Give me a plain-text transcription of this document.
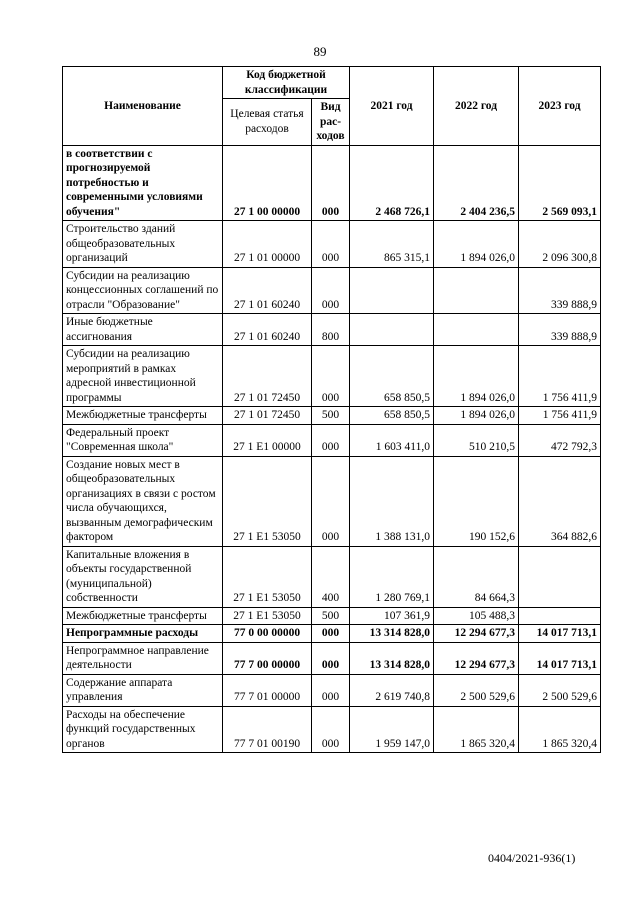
89
Наименование	Код бюджетной классификации		2021 год	2022 год	2023 год
	Целевая статья расходов	Вид рас-ходов			
в соответствии с прогнозируемой потребностью и современными условиями обучения"	27 1 00 00000	000	2 468 726,1	2 404 236,5	2 569 093,1
Строительство зданий общеобразовательных организаций	27 1 01 00000	000	865 315,1	1 894 026,0	2 096 300,8
Субсидии на реализацию концессионных соглашений по отрасли "Образование"	27 1 01 60240	000			339 888,9
Иные бюджетные ассигнования	27 1 01 60240	800			339 888,9
Субсидии на реализацию мероприятий в рамках адресной инвестиционной программы	27 1 01 72450	000	658 850,5	1 894 026,0	1 756 411,9
Межбюджетные трансферты	27 1 01 72450	500	658 850,5	1 894 026,0	1 756 411,9
Федеральный проект "Современная школа"	27 1 E1 00000	000	1 603 411,0	510 210,5	472 792,3
Создание новых мест в общеобразовательных организациях в связи с ростом числа обучающихся, вызванным демографическим фактором	27 1 E1 53050	000	1 388 131,0	190 152,6	364 882,6
Капитальные вложения в объекты государственной (муниципальной) собственности	27 1 E1 53050	400	1 280 769,1	84 664,3	
Межбюджетные трансферты	27 1 E1 53050	500	107 361,9	105 488,3	
Непрограммные расходы	77 0 00 00000	000	13 314 828,0	12 294 677,3	14 017 713,1
Непрограммное направление деятельности	77 7 00 00000	000	13 314 828,0	12 294 677,3	14 017 713,1
Содержание аппарата управления	77 7 01 00000	000	2 619 740,8	2 500 529,6	2 500 529,6
Расходы на обеспечение функций государственных органов	77 7 01 00190	000	1 959 147,0	1 865 320,4	1 865 320,4
0404/2021-936(1)
